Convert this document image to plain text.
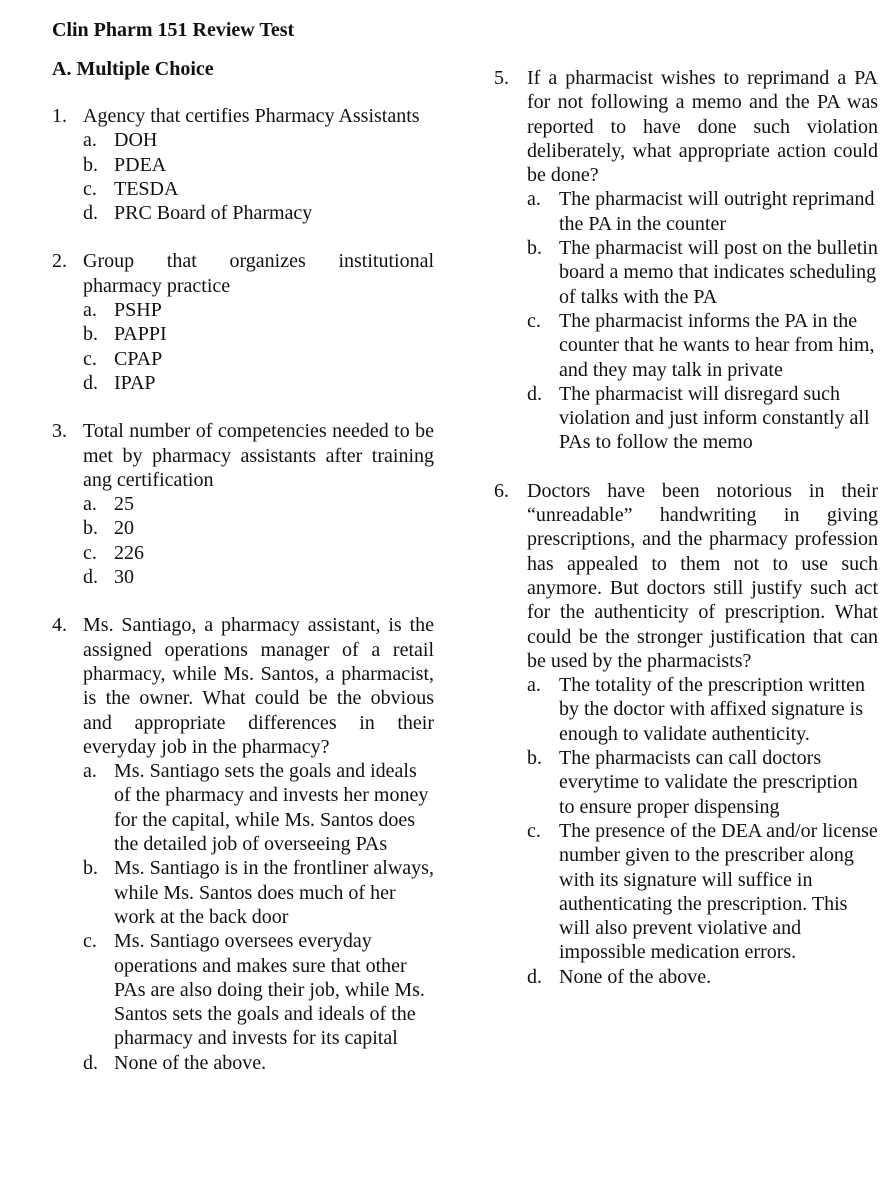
Clin Pharm 151 Review Test
A. Multiple Choice
1. Agency that certifies Pharmacy Assistants
a. DOH
b. PDEA
c. TESDA
d. PRC Board of Pharmacy
2. Group that organizes institutional pharmacy practice
a. PSHP
b. PAPPI
c. CPAP
d. IPAP
3. Total number of competencies needed to be met by pharmacy assistants after training ang certification
a. 25
b. 20
c. 226
d. 30
4. Ms. Santiago, a pharmacy assistant, is the assigned operations manager of a retail pharmacy, while Ms. Santos, a pharmacist, is the owner. What could be the obvious and appropriate differences in their everyday job in the pharmacy?
a. Ms. Santiago sets the goals and ideals of the pharmacy and invests her money for the capital, while Ms. Santos does the detailed job of overseeing PAs
b. Ms. Santiago is in the frontliner always, while Ms. Santos does much of her work at the back door
c. Ms. Santiago oversees everyday operations and makes sure that other PAs are also doing their job, while Ms. Santos sets the goals and ideals of the pharmacy and invests for its capital
d. None of the above.
5. If a pharmacist wishes to reprimand a PA for not following a memo and the PA was reported to have done such violation deliberately, what appropriate action could be done?
a. The pharmacist will outright reprimand the PA in the counter
b. The pharmacist will post on the bulletin board a memo that indicates scheduling of talks with the PA
c. The pharmacist informs the PA in the counter that he wants to hear from him, and they may talk in private
d. The pharmacist will disregard such violation and just inform constantly all PAs to follow the memo
6. Doctors have been notorious in their “unreadable” handwriting in giving prescriptions, and the pharmacy profession has appealed to them not to use such anymore. But doctors still justify such act for the authenticity of prescription. What could be the stronger justification that can be used by the pharmacists?
a. The totality of the prescription written by the doctor with affixed signature is enough to validate authenticity.
b. The pharmacists can call doctors everytime to validate the prescription to ensure proper dispensing
c. The presence of the DEA and/or license number given to the prescriber along with its signature will suffice in authenticating the prescription. This will also prevent violative and impossible medication errors.
d. None of the above.
